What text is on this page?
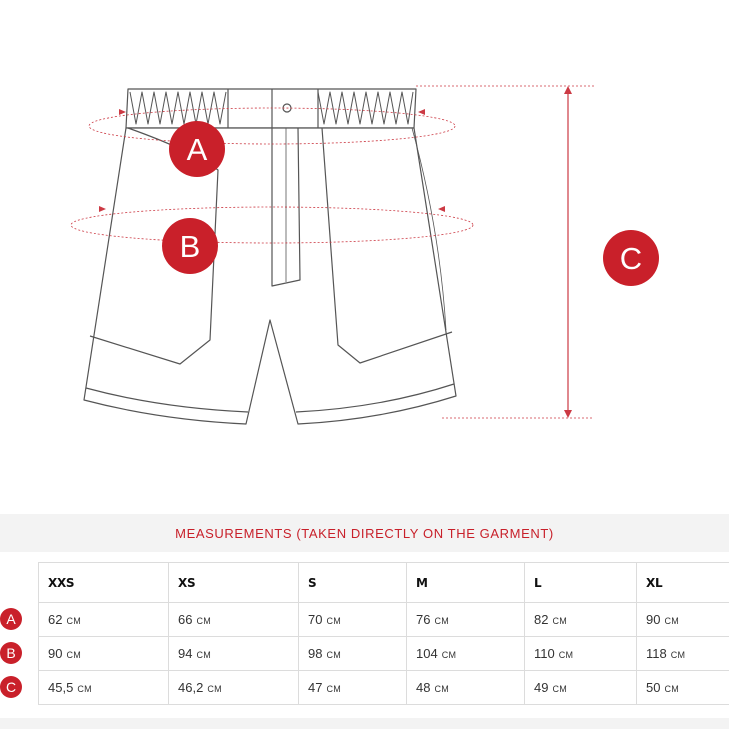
A
B	C
MEASUREMENTS (TAKEN DIRECTLY ON THE GARMENT)
A
B
C
XXS	XS	S	M	L	XL
62 CM	66 CM	70 CM	76 CM	82 CM	90 CM
90 CM	94 CM	98 CM	104 CM	110 CM	118 CM
45,5 CM	46,2 CM	47 CM	48 CM	49 CM	50 CM
